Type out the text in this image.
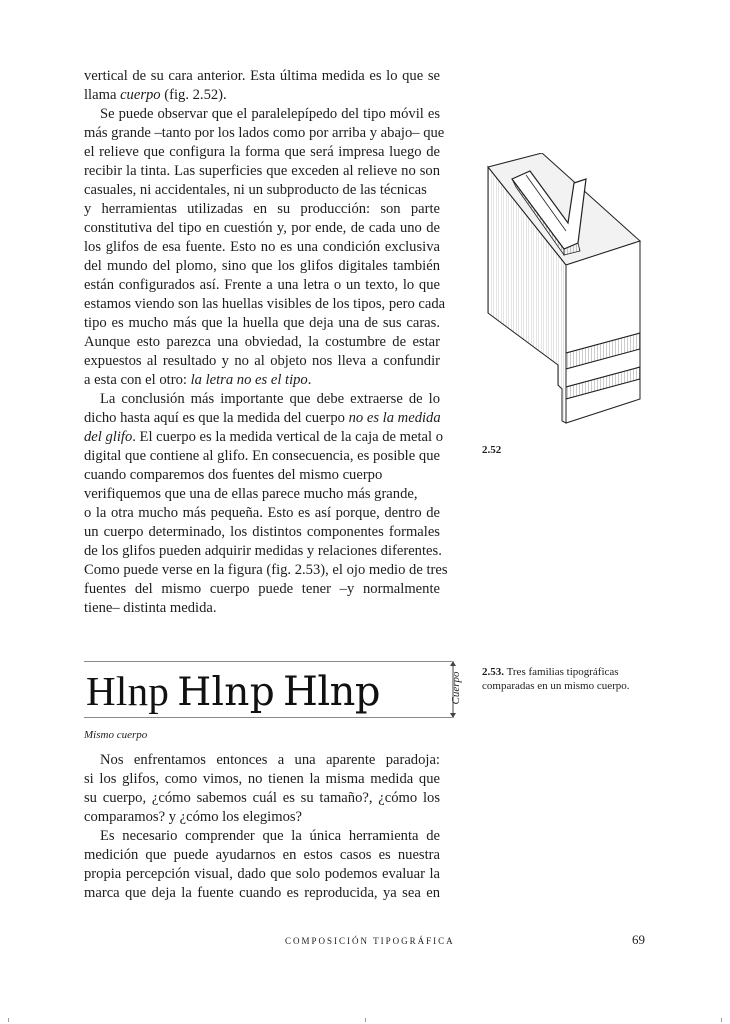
vertical de su cara anterior. Esta última medida es lo que se
llama cuerpo (fig. 2.52).
Hlnp Hlnp Hlnp	Cuerpo
Mismo cuerpo
2.52
2.53. Tres familias tipográficas
comparadas en un mismo cuerpo.
COMPOSICIÓN TIPOGRÁFICA	69
Se puede observar que el paralelepípedo del tipo móvil es
más grande –tanto por los lados como por arriba y abajo– que
el relieve que configura la forma que será impresa luego de
recibir la tinta. Las superficies que exceden al relieve no son
casuales, ni accidentales, ni un subproducto de las técnicas
y herramientas utilizadas en su producción: son parte
constitutiva del tipo en cuestión y, por ende, de cada uno de
los glifos de esa fuente. Esto no es una condición exclusiva
del mundo del plomo, sino que los glifos digitales también
están configurados así. Frente a una letra o un texto, lo que
estamos viendo son las huellas visibles de los tipos, pero cada
tipo es mucho más que la huella que deja una de sus caras.
Aunque esto parezca una obviedad, la costumbre de estar
expuestos al resultado y no al objeto nos lleva a confundir
a esta con el otro: la letra no es el tipo.
La conclusión más importante que debe extraerse de lo
dicho hasta aquí es que la medida del cuerpo no es la medida
del glifo. El cuerpo es la medida vertical de la caja de metal o
digital que contiene al glifo. En consecuencia, es posible que
cuando comparemos dos fuentes del mismo cuerpo
verifiquemos que una de ellas parece mucho más grande,
o la otra mucho más pequeña. Esto es así porque, dentro de
un cuerpo determinado, los distintos componentes formales
de los glifos pueden adquirir medidas y relaciones diferentes.
Como puede verse en la figura (fig. 2.53), el ojo medio de tres
fuentes del mismo cuerpo puede tener –y normalmente
tiene– distinta medida.
Nos enfrentamos entonces a una aparente paradoja:
si los glifos, como vimos, no tienen la misma medida que
su cuerpo, ¿cómo sabemos cuál es su tamaño?, ¿cómo los
comparamos? y ¿cómo los elegimos?
Es necesario comprender que la única herramienta de
medición que puede ayudarnos en estos casos es nuestra
propia percepción visual, dado que solo podemos evaluar la
marca que deja la fuente cuando es reproducida, ya sea en
